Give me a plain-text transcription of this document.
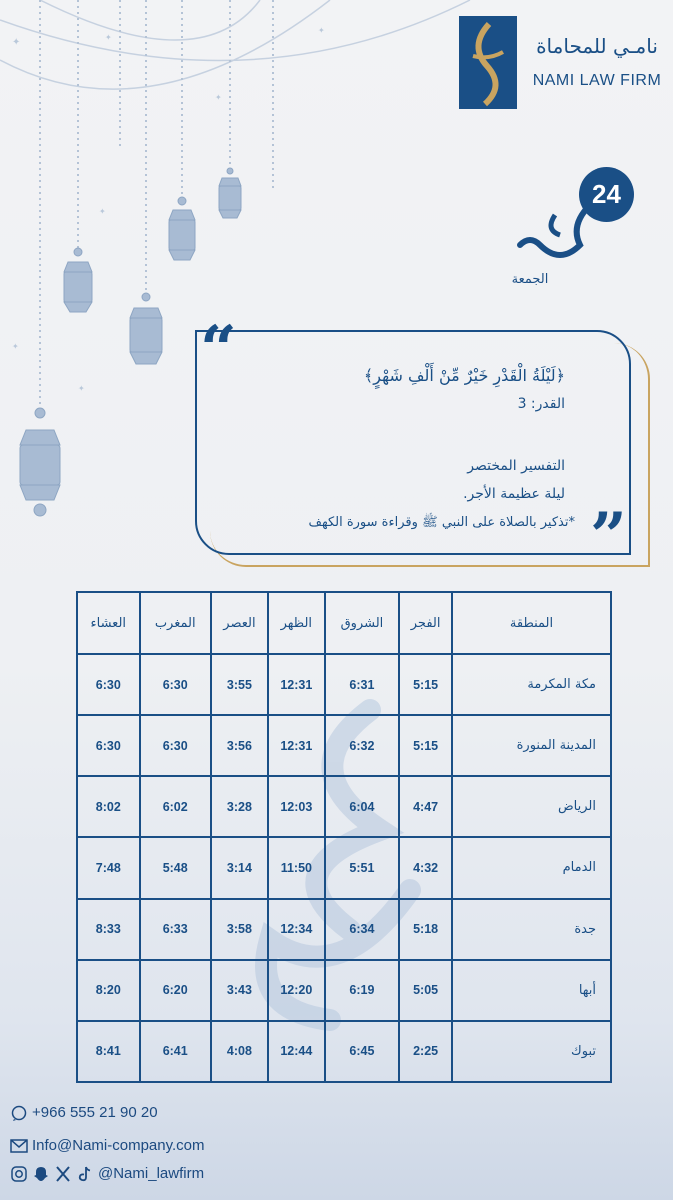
✦	✦
✦
✦
✦
✦
✦
نامـي للمحاماة
NAMI LAW FIRM
24
الجمعة
“
”
﴿لَيْلَةُ الْقَدْرِ خَيْرٌ مِّنْ أَلْفِ شَهْرٍ﴾
القدر: 3
التفسير المختصر
ليلة عظيمة الأجر.
*تذكير بالصلاة على النبي ﷺ وقراءة سورة الكهف
المنطقة	الفجر	الشروق	الظهر	العصر	المغرب	العشاء
مكة المكرمة	5:15	6:31	12:31	3:55	6:30	6:30
المدينة المنورة	5:15	6:32	12:31	3:56	6:30	6:30
الرياض	4:47	6:04	12:03	3:28	6:02	8:02
الدمام	4:32	5:51	11:50	3:14	5:48	7:48
جدة	5:18	6:34	12:34	3:58	6:33	8:33
أبها	5:05	6:19	12:20	3:43	6:20	8:20
تبوك	2:25	6:45	12:44	4:08	6:41	8:41
+966 555 21 90 20
Info@Nami-company.com
@Nami_lawfirm
